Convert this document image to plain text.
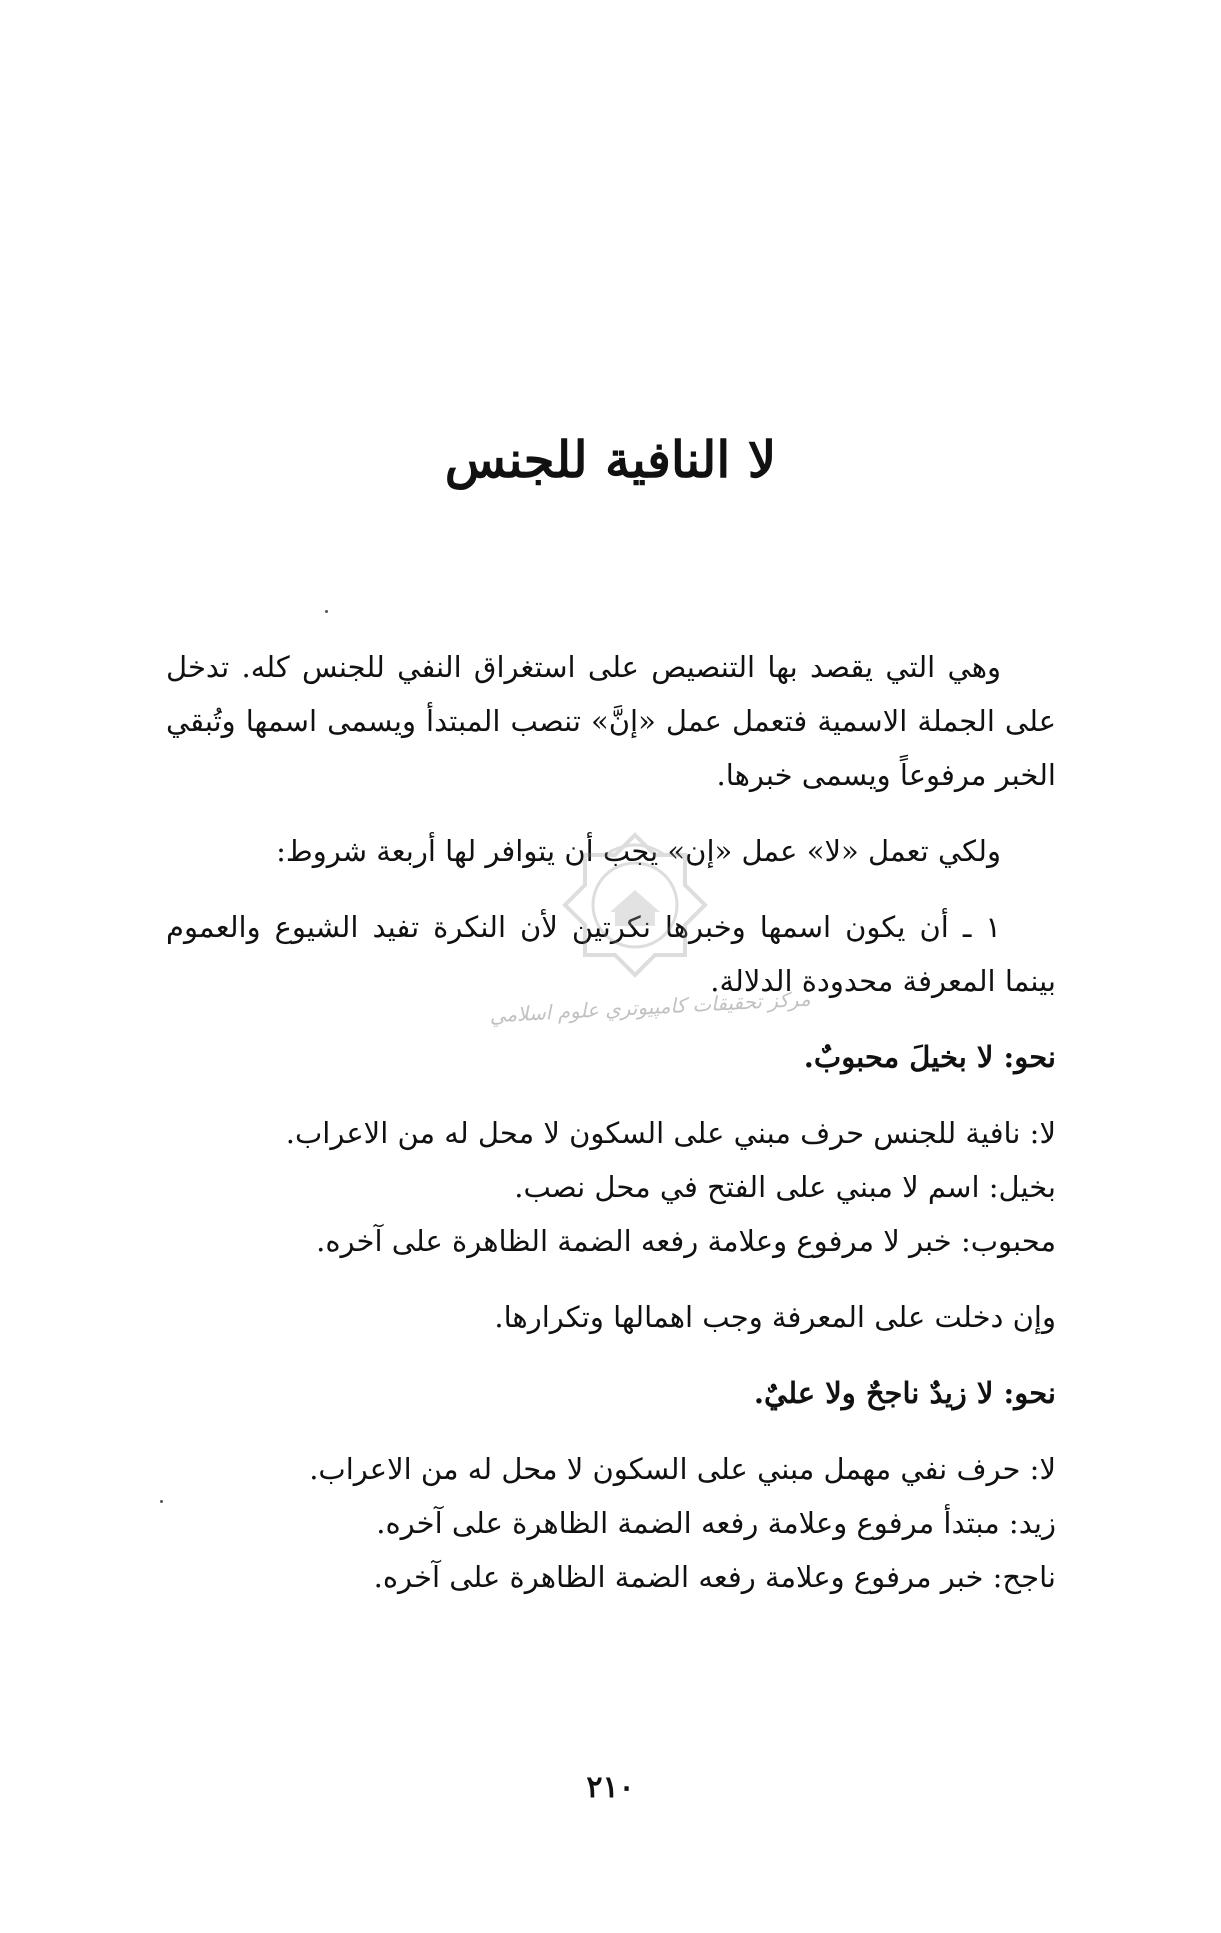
لا النافية للجنس

وهي التي يقصد بها التنصيص على استغراق النفي للجنس كله. تدخل على الجملة الاسمية فتعمل عمل «إنَّ» تنصب المبتدأ ويسمى اسمها وتُبقي الخبر مرفوعاً ويسمى خبرها.

ولكي تعمل «لا» عمل «إن» يجب أن يتوافر لها أربعة شروط:

١ ـ أن يكون اسمها وخبرها نكرتين لأن النكرة تفيد الشيوع والعموم بينما المعرفة محدودة الدلالة.

نحو: لا بخيلَ محبوبٌ.

لا: نافية للجنس حرف مبني على السكون لا محل له من الاعراب.

بخيل: اسم لا مبني على الفتح في محل نصب.

محبوب: خبر لا مرفوع وعلامة رفعه الضمة الظاهرة على آخره.

وإن دخلت على المعرفة وجب اهمالها وتكرارها.

نحو: لا زيدٌ ناجحٌ ولا عليٌ.

لا: حرف نفي مهمل مبني على السكون لا محل له من الاعراب.

زيد: مبتدأ مرفوع وعلامة رفعه الضمة الظاهرة على آخره.

ناجح: خبر مرفوع وعلامة رفعه الضمة الظاهرة على آخره.

٢١٠
مركز تحقيقات كامپيوتري علوم اسلامي
